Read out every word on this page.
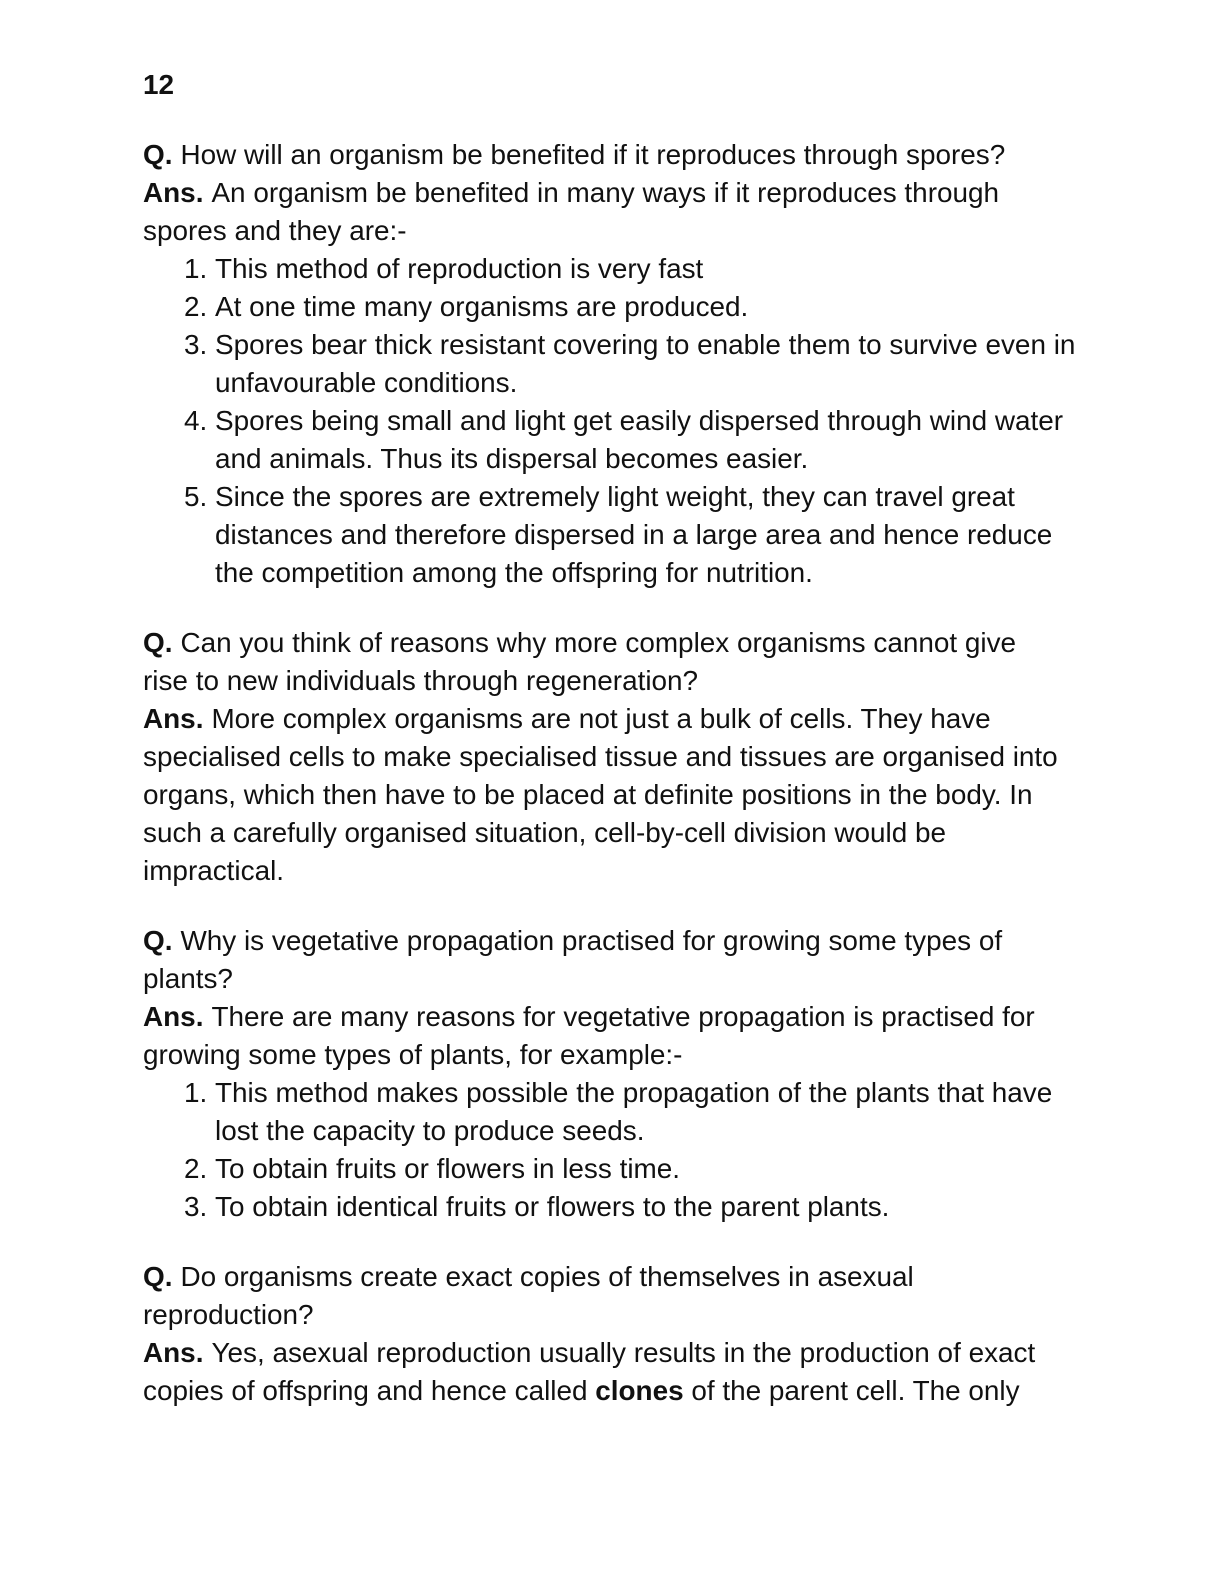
12

Q. How will an organism be benefited if it reproduces through spores?

Ans. An organism be benefited in many ways if it reproduces through spores and they are:-

1. This method of reproduction is very fast
2. At one time many organisms are produced.
3. Spores bear thick resistant covering to enable them to survive even in unfavourable conditions.
4. Spores being small and light get easily dispersed through wind water and animals. Thus its dispersal becomes easier.
5. Since the spores are extremely light weight, they can travel great distances and therefore dispersed in a large area and hence reduce the competition among the offspring for nutrition.

Q. Can you think of reasons why more complex organisms cannot give rise to new individuals through regeneration?

Ans. More complex organisms are not just a bulk of cells. They have specialised cells to make specialised tissue and tissues are organised into organs, which then have to be placed at definite positions in the body. In such a carefully organised situation, cell-by-cell division would be impractical.

Q. Why is vegetative propagation practised for growing some types of plants?

Ans. There are many reasons for vegetative propagation is practised for growing some types of plants, for example:-

1. This method makes possible the propagation of the plants that have lost the capacity to produce seeds.
2. To obtain fruits or flowers in less time.
3. To obtain identical fruits or flowers to the parent plants.

Q. Do organisms create exact copies of themselves in asexual reproduction?

Ans. Yes, asexual reproduction usually results in the production of exact copies of offspring and hence called clones of the parent cell. The only
